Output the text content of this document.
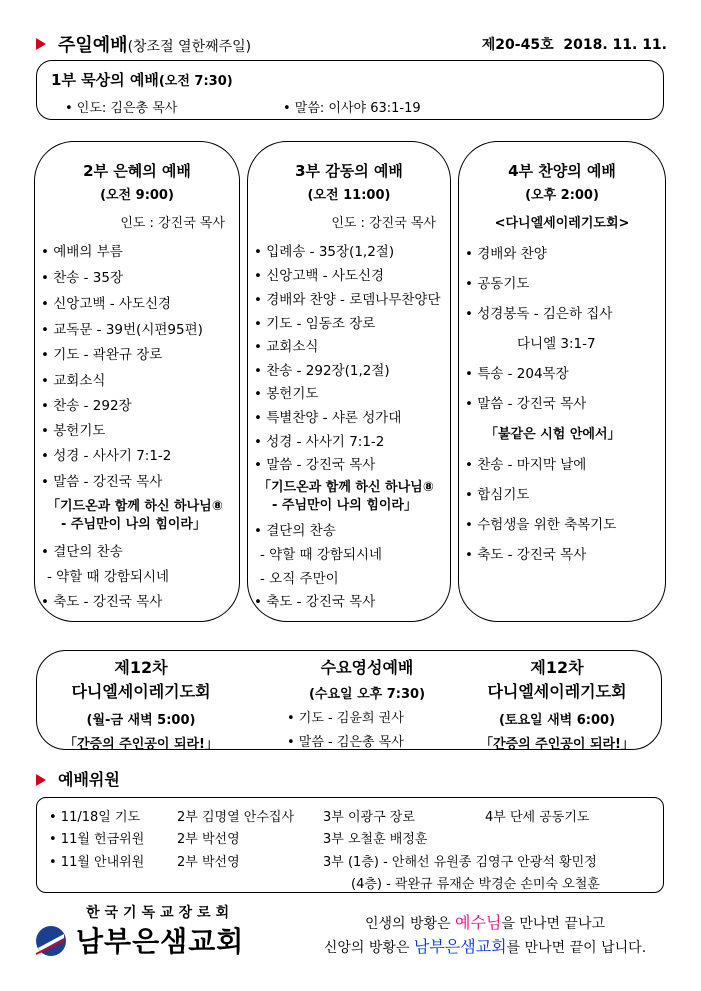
주일예배(창조절 열한째주일)	제20-45호 2018. 11. 11.
1부 묵상의 예배(오전 7:30)
• 인도: 김은총 목사	• 말씀: 이사야 63:1-19
2부 은혜의 예배
(오전 9:00)
인도 : 강진국 목사
• 예배의 부름
• 찬송 - 35장
• 신앙고백 - 사도신경
• 교독문 - 39번(시편95편)
• 기도 - 곽완규 장로
• 교회소식
• 찬송 - 292장
• 봉헌기도
• 성경 - 사사기 7:1-2
• 말씀 - 강진국 목사
「기드온과 함께 하신 하나님⑧
- 주님만이 나의 힘이라」
• 결단의 찬송
- 약할 때 강함되시네
• 축도 - 강진국 목사
3부 감동의 예배
(오전 11:00)
인도 : 강진국 목사
• 입례송 - 35장(1,2절)
• 신앙고백 - 사도신경
• 경배와 찬양 - 로뎀나무찬양단
• 기도 - 임동조 장로
• 교회소식
• 찬송 - 292장(1,2절)
• 봉헌기도
• 특별찬양 - 샤론 성가대
• 성경 - 사사기 7:1-2
• 말씀 - 강진국 목사
「기드온과 함께 하신 하나님⑧
- 주님만이 나의 힘이라」
• 결단의 찬송
- 약할 때 강함되시네
- 오직 주만이
• 축도 - 강진국 목사
4부 찬양의 예배
(오후 2:00)
<다니엘세이레기도회>
• 경배와 찬양
• 공동기도
• 성경봉독 - 김은하 집사
다니엘 3:1-7
• 특송 - 204목장
• 말씀 - 강진국 목사
「불같은 시험 안에서」
• 찬송 - 마지막 날에
• 합심기도
• 수험생을 위한 축복기도
• 축도 - 강진국 목사
제12차
다니엘세이레기도회
(월-금 새벽 5:00)
「간증의 주인공이 되라!」
수요영성예배
(수요일 오후 7:30)
• 기도 - 김윤희 권사
• 말씀 - 김은총 목사
제12차
다니엘세이레기도회
(토요일 새벽 6:00)
「간증의 주인공이 되라!」
예배위원
• 11/18일 기도	2부 김명열 안수집사 3부 이광구 장로	4부 단세 공동기도
• 11월 헌금위원	2부 박선영	3부 오철훈 배정훈
• 11월 안내위원	2부 박선영	3부 (1층) - 안해선 유원종 김영구 안광석 황민정
(4층) - 곽완규 류재순 박경순 손미숙 오철훈
한국기독교장로회
남부은샘교회
인생의 방황은 예수님을 만나면 끝나고
신앙의 방황은 남부은샘교회를 만나면 끝이 납니다.
